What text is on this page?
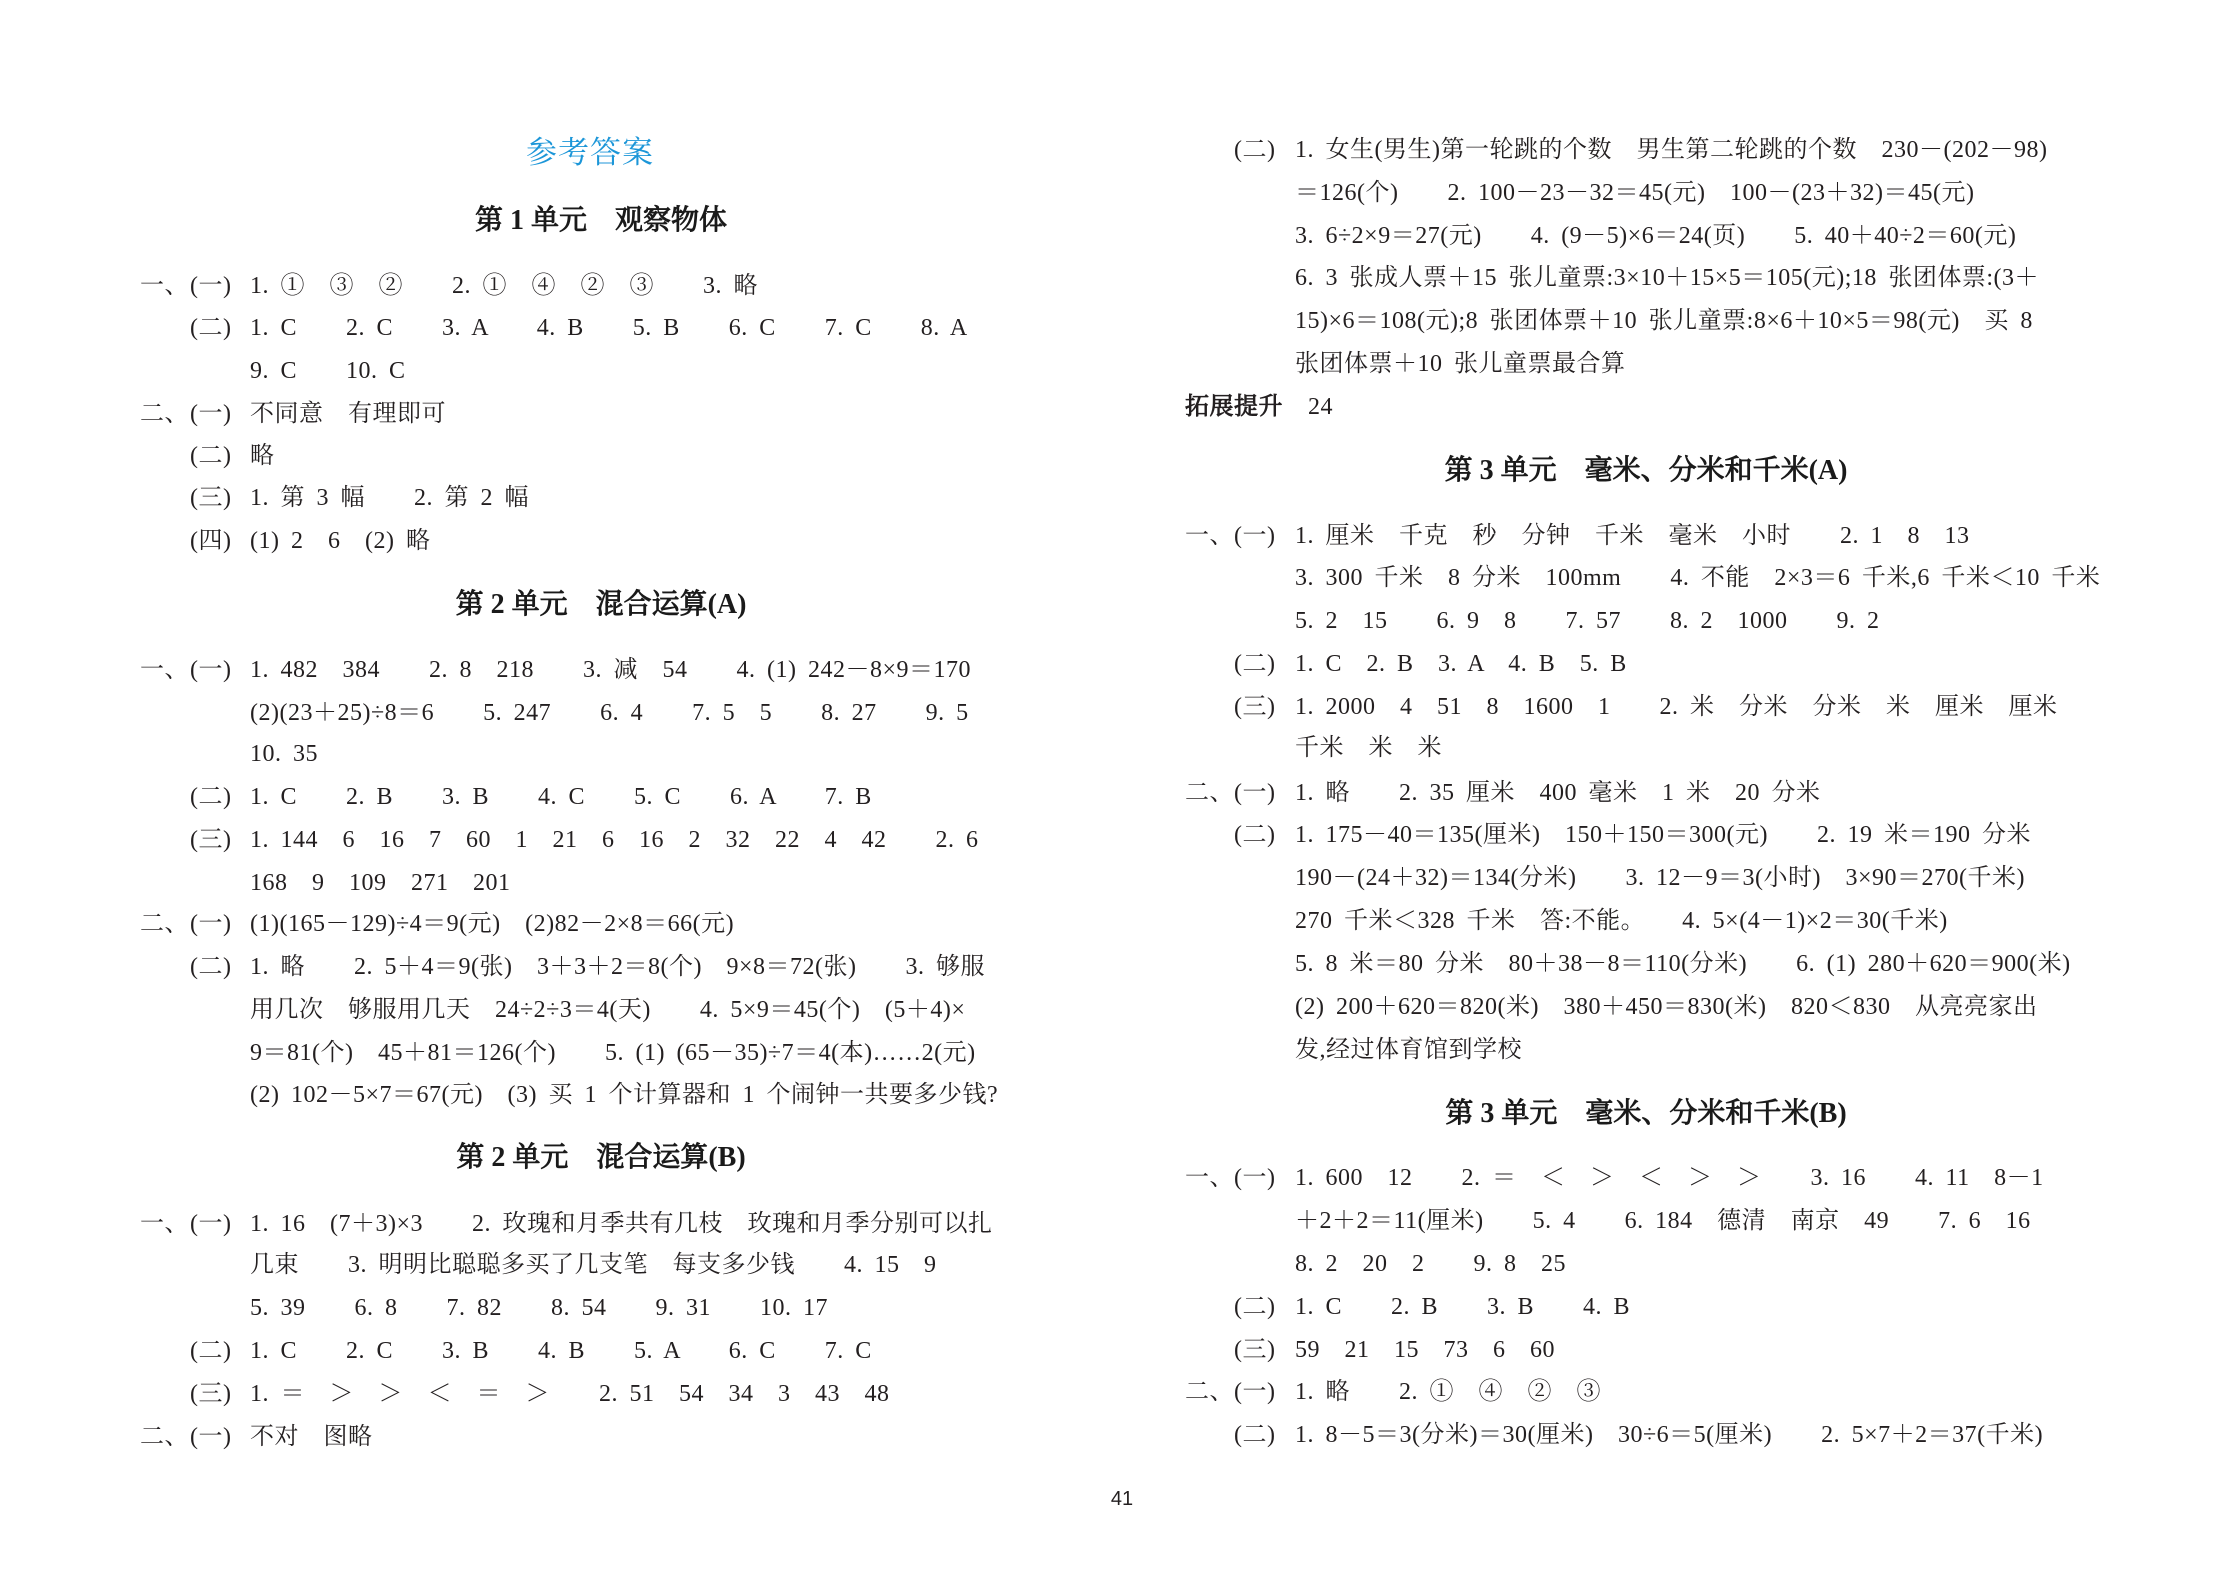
参考答案
第 1 单元　观察物体
一、 (一) 1. ①　③　②　　2. ①　④　②　③　　3. 略
(二) 1. C　　2. C　　3. A　　4. B　　5. B　　6. C　　7. C　　8. A
9. C　　10. C
二、 (一) 不同意　有理即可
(二) 略
(三) 1. 第 3 幅　　2. 第 2 幅
(四) (1) 2　6　(2) 略
第 2 单元　混合运算(A)
一、 (一) 1. 482　384　　2. 8　218　　3. 减　54　　4. (1) 242－8×9＝170
(2)(23＋25)÷8＝6　　5. 247　　6. 4　　7. 5　5　　8. 27　　9. 5
10. 35
(二) 1. C　　2. B　　3. B　　4. C　　5. C　　6. A　　7. B
(三) 1. 144　6　16　7　60　1　21　6　16　2　32　22　4　42　　2. 6
168　9　109　271　201
二、 (一) (1)(165－129)÷4＝9(元)　(2)82－2×8＝66(元)
(二) 1. 略　　2. 5＋4＝9(张)　3＋3＋2＝8(个)　9×8＝72(张)　　3. 够服
用几次　够服用几天　24÷2÷3＝4(天)　　4. 5×9＝45(个)　(5＋4)×
9＝81(个)　45＋81＝126(个)　　5. (1) (65－35)÷7＝4(本)……2(元)
(2) 102－5×7＝67(元)　(3) 买 1 个计算器和 1 个闹钟一共要多少钱?
第 2 单元　混合运算(B)
一、 (一) 1. 16　(7＋3)×3　　2. 玫瑰和月季共有几枝　玫瑰和月季分别可以扎
几束　　3. 明明比聪聪多买了几支笔　每支多少钱　　4. 15　9
5. 39　　6. 8　　7. 82　　8. 54　　9. 31　　10. 17
(二) 1. C　　2. C　　3. B　　4. B　　5. A　　6. C　　7. C
(三) 1. ＝　＞　＞　＜　＝　＞　　2. 51　54　34　3　43　48
二、 (一) 不对　图略
(二) 1. 女生(男生)第一轮跳的个数　男生第二轮跳的个数　230－(202－98)
＝126(个)　　2. 100－23－32＝45(元)　100－(23＋32)＝45(元)
3. 6÷2×9＝27(元)　　4. (9－5)×6＝24(页)　　5. 40＋40÷2＝60(元)
6. 3 张成人票＋15 张儿童票:3×10＋15×5＝105(元);18 张团体票:(3＋
15)×6＝108(元);8 张团体票＋10 张儿童票:8×6＋10×5＝98(元)　买 8
张团体票＋10 张儿童票最合算
拓展提升 24
第 3 单元　毫米、分米和千米(A)
一、 (一) 1. 厘米　千克　秒　分钟　千米　毫米　小时　　2. 1　8　13
3. 300 千米　8 分米　100mm　　4. 不能　2×3＝6 千米,6 千米＜10 千米
5. 2　15　　6. 9　8　　7. 57　　8. 2　1000　　9. 2
(二) 1. C　2. B　3. A　4. B　5. B
(三) 1. 2000　4　51　8　1600　1　　2. 米　分米　分米　米　厘米　厘米
千米　米　米
二、 (一) 1. 略　　2. 35 厘米　400 毫米　1 米　20 分米
(二) 1. 175－40＝135(厘米)　150＋150＝300(元)　　2. 19 米＝190 分米
190－(24＋32)＝134(分米)　　3. 12－9＝3(小时)　3×90＝270(千米)
270 千米＜328 千米　答:不能。　　4. 5×(4－1)×2＝30(千米)
5. 8 米＝80 分米　80＋38－8＝110(分米)　　6. (1) 280＋620＝900(米)
(2) 200＋620＝820(米)　380＋450＝830(米)　820＜830　从亮亮家出
发,经过体育馆到学校
第 3 单元　毫米、分米和千米(B)
一、 (一) 1. 600　12　　2. ＝　＜　＞　＜　＞　＞　　3. 16　　4. 11　8－1
＋2＋2＝11(厘米)　　5. 4　　6. 184　德清　南京　49　　7. 6　16
8. 2　20　2　　9. 8　25
(二) 1. C　　2. B　　3. B　　4. B
(三) 59　21　15　73　6　60
二、 (一) 1. 略　　2. ①　④　②　③
(二) 1. 8－5＝3(分米)＝30(厘米)　30÷6＝5(厘米)　　2. 5×7＋2＝37(千米)
41
